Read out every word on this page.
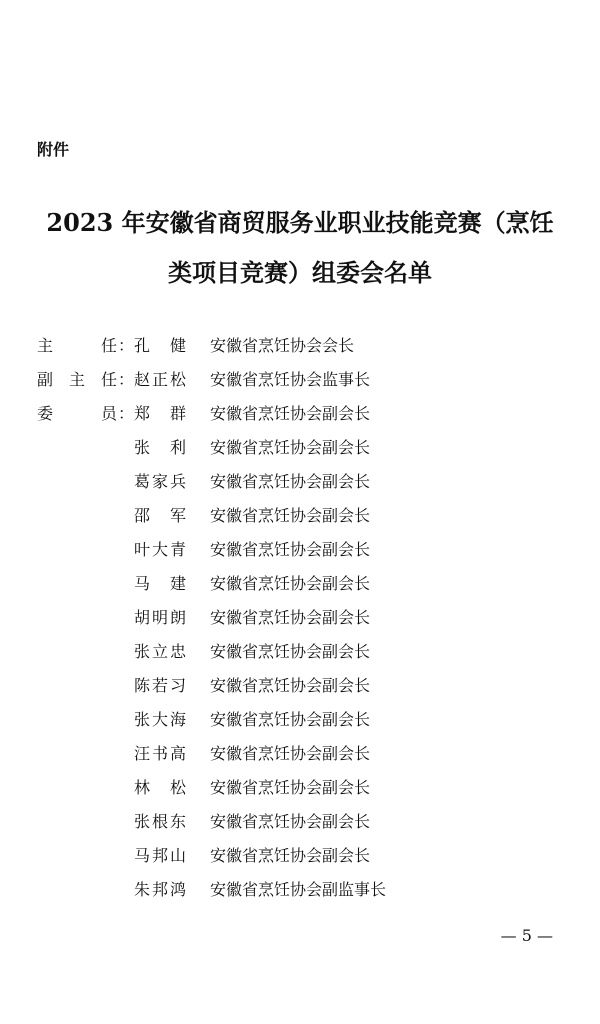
附件
2023 年安徽省商贸服务业职业技能竞赛（烹饪
类项目竞赛）组委会名单
主任 ： 孔健 安徽省烹饪协会会长
副主任 ： 赵正松 安徽省烹饪协会监事长
委员 ： 郑群 安徽省烹饪协会副会长
张利 安徽省烹饪协会副会长
葛家兵 安徽省烹饪协会副会长
邵军 安徽省烹饪协会副会长
叶大青 安徽省烹饪协会副会长
马建 安徽省烹饪协会副会长
胡明朗 安徽省烹饪协会副会长
张立忠 安徽省烹饪协会副会长
陈若习 安徽省烹饪协会副会长
张大海 安徽省烹饪协会副会长
汪书高 安徽省烹饪协会副会长
林松 安徽省烹饪协会副会长
张根东 安徽省烹饪协会副会长
马邦山 安徽省烹饪协会副会长
朱邦鸿 安徽省烹饪协会副监事长
— 5 —
